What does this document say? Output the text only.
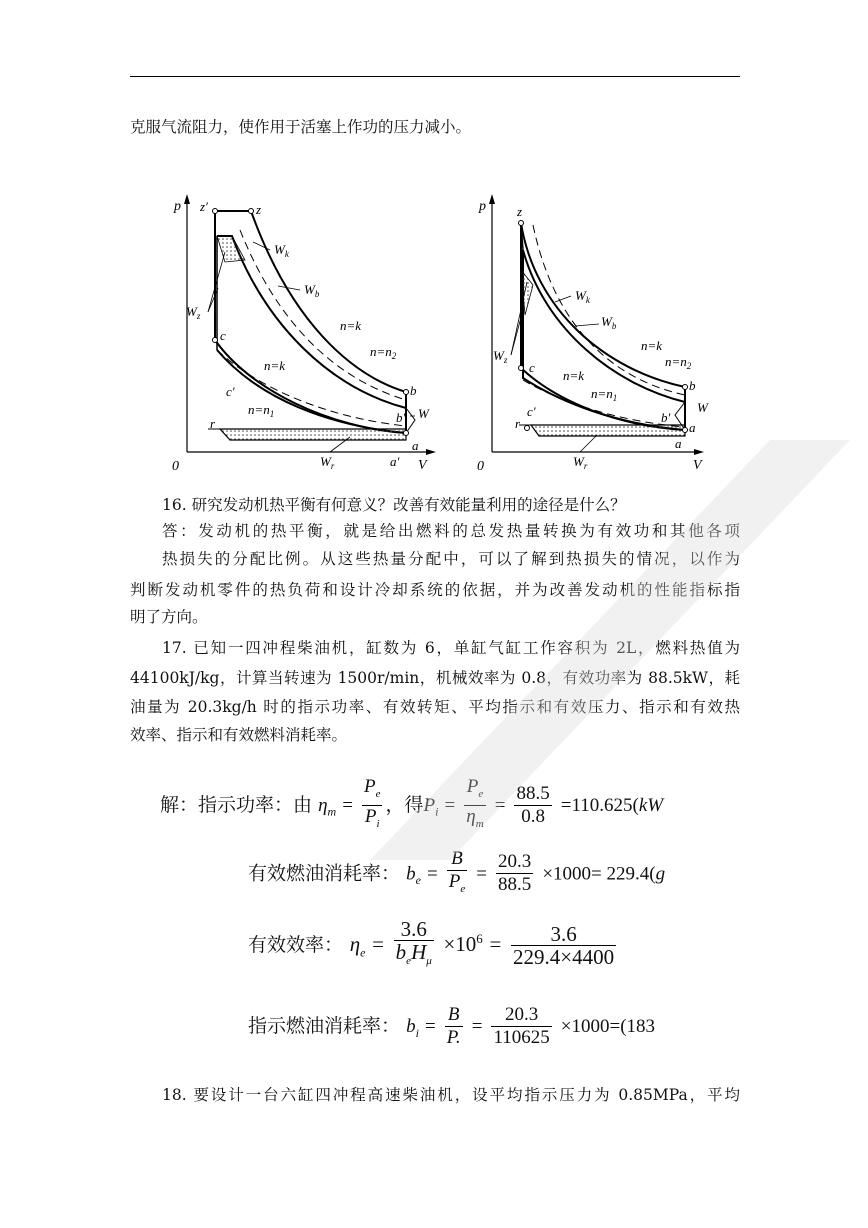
克服气流阻力，使作用于活塞上作功的压力减小。
p
V
0
z′	z
c
c′	b
b′
a
a′
r
$W_k$
$W_b$
$W_z$
$W_r$
W
n=k
$n=n_2$
n=k
$n=n_1$
p
V
0
z
c
c′
b
b′
a
a
r
$W_k$
$W_b$
$W_z$
$W_r$
W
n=k
$n=n_2$
n=k
$n=n_1$
16. 研究发动机热平衡有何意义？改善有效能量利用的途径是什么？
答：发动机的热平衡，就是给出燃料的总发热量转换为有效功和其他各项
热损失的分配比例。从这些热量分配中，可以了解到热损失的情况，以作为
判断发动机零件的热负荷和设计冷却系统的依据，并为改善发动机的性能指标指
明了方向。
17. 已知一四冲程柴油机，缸数为 6，单缸气缸工作容积为 2L，燃料热值为
44100kJ/kg，计算当转速为 1500r/min，机械效率为 0.8，有效功率为 88.5kW，耗
油量为 20.3kg/h 时的指示功率、有效转矩、平均指示和有效压力、指示和有效热
效率、指示和有效燃料消耗率。
解：指示功率：由 $\eta_m = \frac{P_e}{P_i}$ ，得$P_i = \frac{P_e}{\eta_m} = \frac{88.5}{0.8} =110.625(kW$
有效燃油消耗率： $b_e = \frac{B}{P_e} = \frac{20.3}{88.5} \times 1000= 229.4(g$
有效效率： $\eta_e = \frac{3.6}{b_eH_\mu} \times 10^6 = \frac{3.6}{229.4\times 4400}$
指示燃油消耗率： $b_i = \frac{B}{P.} = \frac{20.3}{110625} \times 1000=(183$
18. 要设计一台六缸四冲程高速柴油机，设平均指示压力为 0.85MPa，平均
